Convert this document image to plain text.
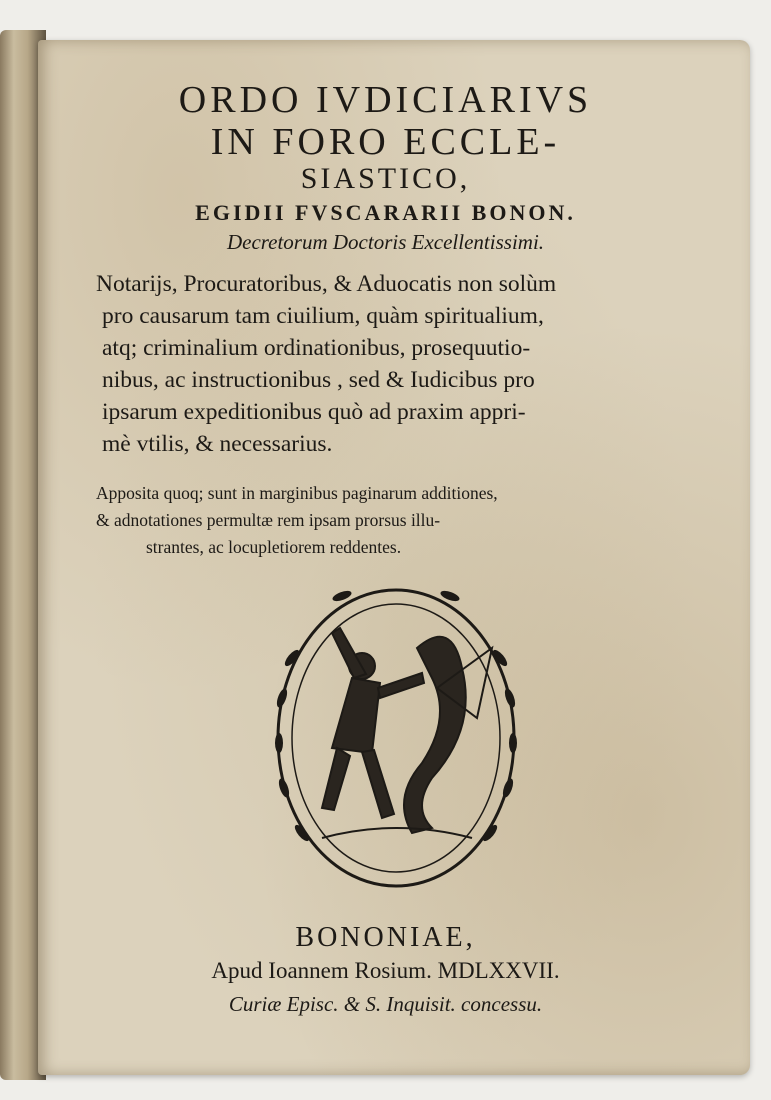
ORDO IVDICIARIVS
IN FORO ECCLE-
SIASTICO,
EGIDII FVSCARARII BONON.
Decretorum Doctoris Excellentissimi.
Notarijs, Procuratoribus, & Aduocatis non solùm
pro causarum tam ciuilium, quàm spiritualium,
atq; criminalium ordinationibus, prosequutio-
nibus, ac instructionibus , sed & Iudicibus pro
ipsarum expeditionibus quò ad praxim appri-
mè vtilis, & necessarius.
Apposita quoq; sunt in marginibus paginarum additiones,
& adnotationes permultæ rem ipsam prorsus illu-
strantes, ac locupletiorem reddentes.
BONONIAE,
Apud Ioannem Rosium. MDLXXVII.
Curiæ Episc. & S. Inquisit. concessu.
